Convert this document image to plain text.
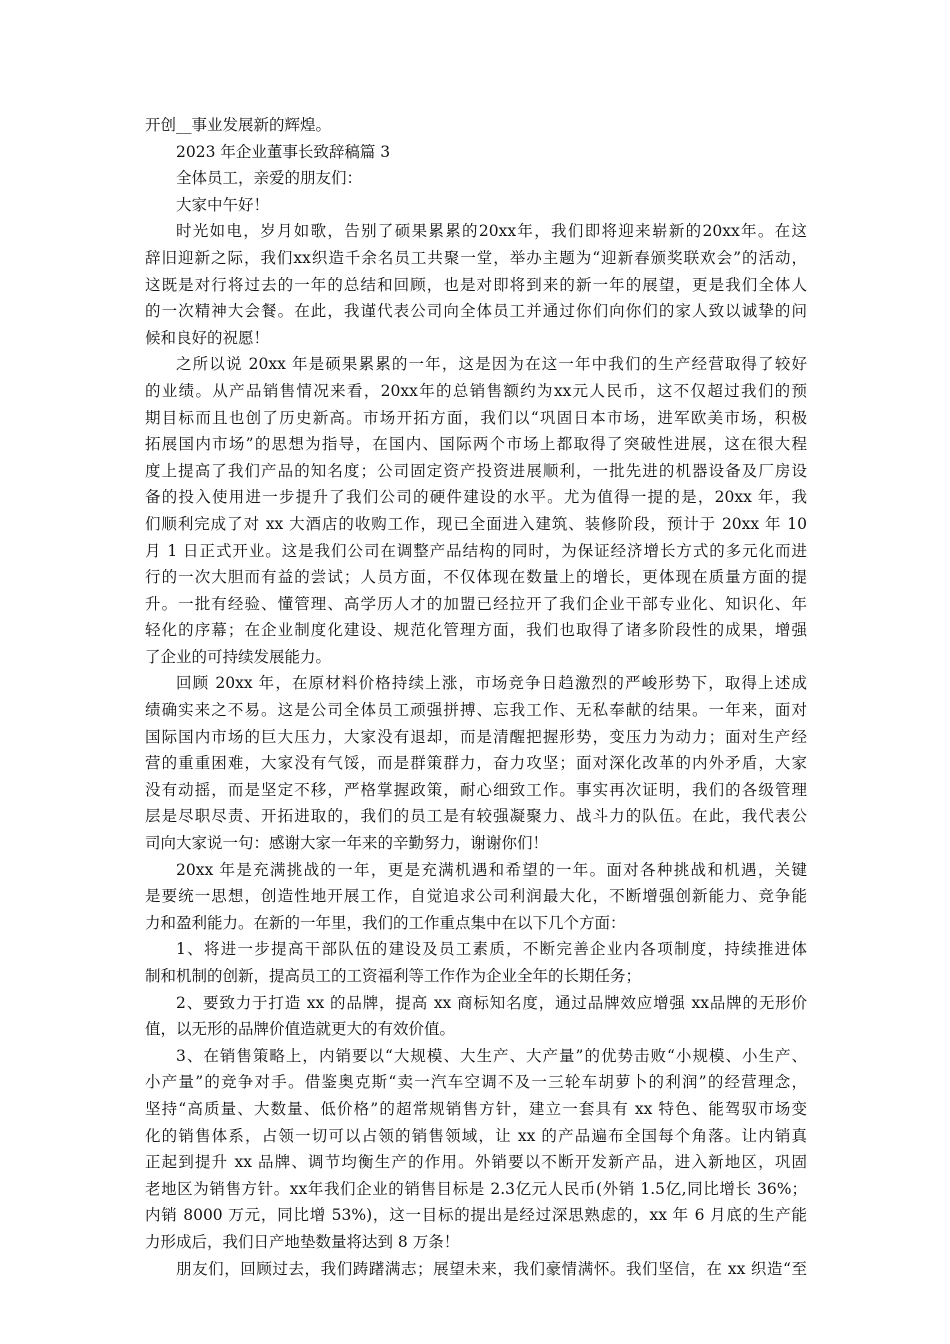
开创__事业发展新的辉煌。
2023 年企业董事长致辞稿篇 3
全体员工，亲爱的朋友们：
大家中午好！
时光如电，岁月如歌，告别了硕果累累的20xx年，我们即将迎来崭新的20xx年。在这
辞旧迎新之际，我们xx织造千余名员工共聚一堂，举办主题为“迎新春颁奖联欢会”的活动，
这既是对行将过去的一年的总结和回顾，也是对即将到来的新一年的展望，更是我们全体人
的一次精神大会餐。在此，我谨代表公司向全体员工并通过你们向你们的家人致以诚挚的问
候和良好的祝愿！
之所以说 20xx 年是硕果累累的一年，这是因为在这一年中我们的生产经营取得了较好
的业绩。从产品销售情况来看，20xx年的总销售额约为xx元人民币，这不仅超过我们的预
期目标而且也创了历史新高。市场开拓方面，我们以“巩固日本市场，进军欧美市场，积极
拓展国内市场”的思想为指导，在国内、国际两个市场上都取得了突破性进展，这在很大程
度上提高了我们产品的知名度；公司固定资产投资进展顺利，一批先进的机器设备及厂房设
备的投入使用进一步提升了我们公司的硬件建设的水平。尤为值得一提的是，20xx 年，我
们顺利完成了对 xx 大酒店的收购工作，现已全面进入建筑、装修阶段，预计于 20xx 年 10
月 1 日正式开业。这是我们公司在调整产品结构的同时，为保证经济增长方式的多元化而进
行的一次大胆而有益的尝试；人员方面，不仅体现在数量上的增长，更体现在质量方面的提
升。一批有经验、懂管理、高学历人才的加盟已经拉开了我们企业干部专业化、知识化、年
轻化的序幕；在企业制度化建设、规范化管理方面，我们也取得了诸多阶段性的成果，增强
了企业的可持续发展能力。
回顾 20xx 年，在原材料价格持续上涨，市场竞争日趋激烈的严峻形势下，取得上述成
绩确实来之不易。这是公司全体员工顽强拼搏、忘我工作、无私奉献的结果。一年来，面对
国际国内市场的巨大压力，大家没有退却，而是清醒把握形势，变压力为动力；面对生产经
营的重重困难，大家没有气馁，而是群策群力，奋力攻坚；面对深化改革的内外矛盾，大家
没有动摇，而是坚定不移，严格掌握政策，耐心细致工作。事实再次证明，我们的各级管理
层是尽职尽责、开拓进取的，我们的员工是有较强凝聚力、战斗力的队伍。在此，我代表公
司向大家说一句：感谢大家一年来的辛勤努力，谢谢你们！
20xx 年是充满挑战的一年，更是充满机遇和希望的一年。面对各种挑战和机遇，关键
是要统一思想，创造性地开展工作，自觉追求公司利润最大化，不断增强创新能力、竞争能
力和盈利能力。在新的一年里，我们的工作重点集中在以下几个方面：
1、将进一步提高干部队伍的建设及员工素质，不断完善企业内各项制度，持续推进体
制和机制的创新，提高员工的工资福利等工作作为企业全年的长期任务；
2、要致力于打造 xx 的品牌，提高 xx 商标知名度，通过品牌效应增强 xx品牌的无形价
值，以无形的品牌价值造就更大的有效价值。
3、在销售策略上，内销要以“大规模、大生产、大产量”的优势击败“小规模、小生产、
小产量”的竞争对手。借鉴奥克斯“卖一汽车空调不及一三轮车胡萝卜的利润”的经营理念，
坚持“高质量、大数量、低价格”的超常规销售方针，建立一套具有 xx 特色、能驾驭市场变
化的销售体系，占领一切可以占领的销售领域，让 xx 的产品遍布全国每个角落。让内销真
正起到提升 xx 品牌、调节均衡生产的作用。外销要以不断开发新产品，进入新地区，巩固
老地区为销售方针。xx年我们企业的销售目标是 2.3亿元人民币(外销 1.5亿,同比增长 36%；
内销 8000 万元，同比增 53%)，这一目标的提出是经过深思熟虑的，xx 年 6 月底的生产能
力形成后，我们日产地垫数量将达到 8 万条！
朋友们，回顾过去，我们踌躇满志；展望未来，我们豪情满怀。我们坚信，在 xx 织造“至
